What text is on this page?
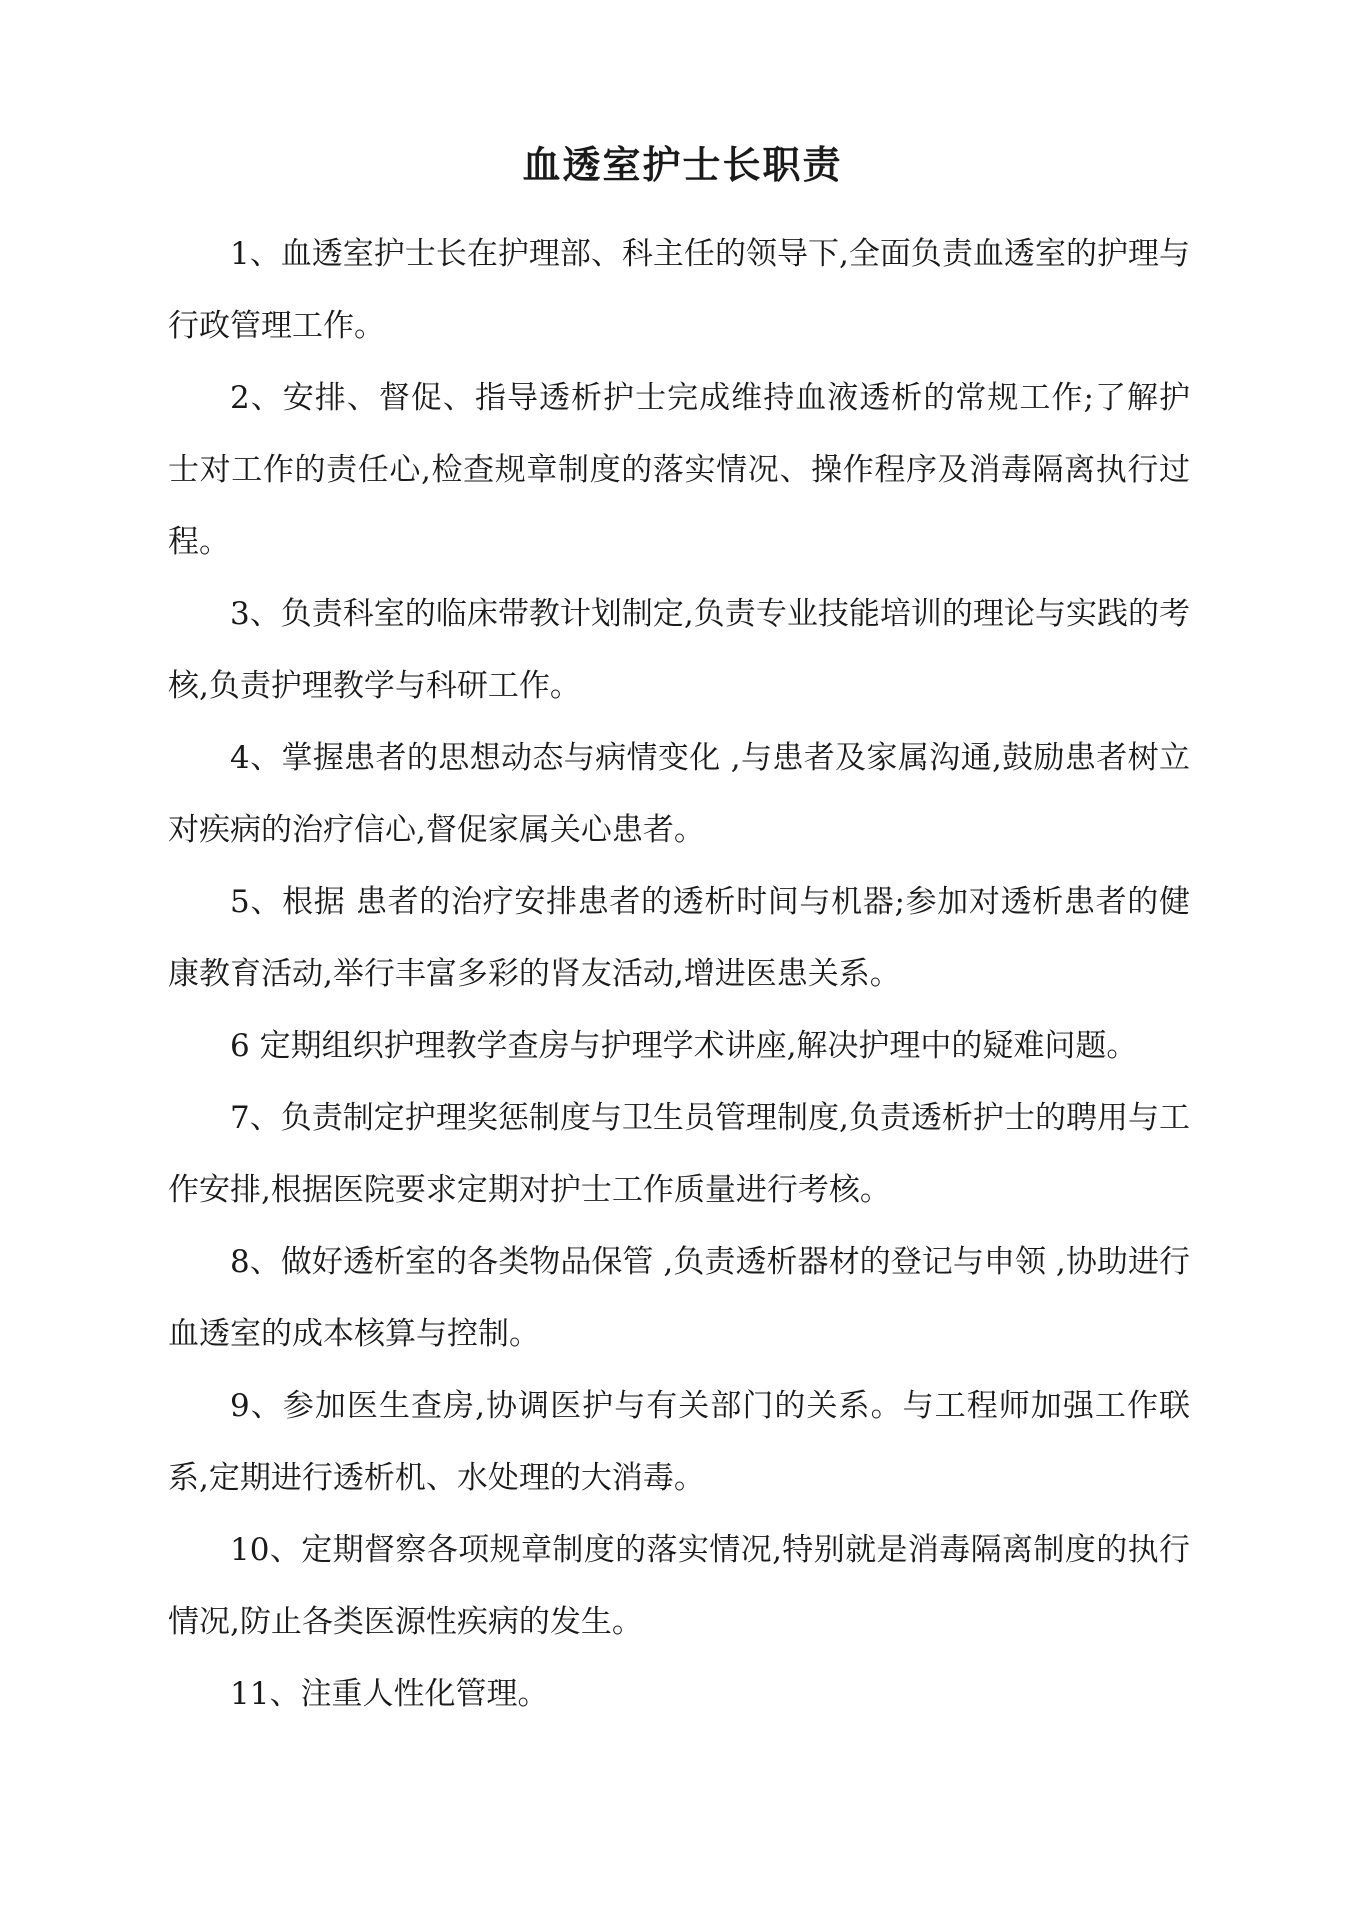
血透室护士长职责

1、血透室护士长在护理部、科主任的领导下,全面负责血透室的护理与行政管理工作。

2、安排、督促、指导透析护士完成维持血液透析的常规工作;了解护士对工作的责任心,检查规章制度的落实情况、操作程序及消毒隔离执行过程。

3、负责科室的临床带教计划制定,负责专业技能培训的理论与实践的考核,负责护理教学与科研工作。

4、掌握患者的思想动态与病情变化 ,与患者及家属沟通,鼓励患者树立对疾病的治疗信心,督促家属关心患者。

5、根据 患者的治疗安排患者的透析时间与机器;参加对透析患者的健康教育活动,举行丰富多彩的肾友活动,增进医患关系。

6 定期组织护理教学查房与护理学术讲座,解决护理中的疑难问题。

7、负责制定护理奖惩制度与卫生员管理制度,负责透析护士的聘用与工作安排,根据医院要求定期对护士工作质量进行考核。

8、做好透析室的各类物品保管 ,负责透析器材的登记与申领 ,协助进行血透室的成本核算与控制。

9、参加医生查房,协调医护与有关部门的关系。与工程师加强工作联系,定期进行透析机、水处理的大消毒。

10、定期督察各项规章制度的落实情况,特别就是消毒隔离制度的执行情况,防止各类医源性疾病的发生。

11、注重人性化管理。
